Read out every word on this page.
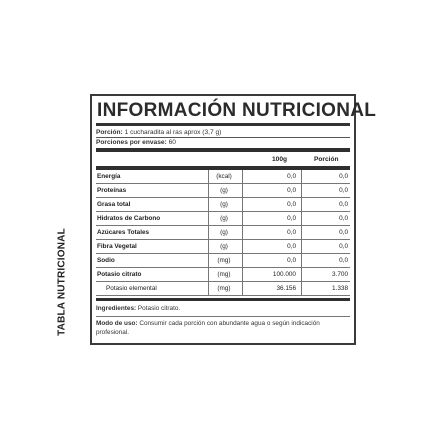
TABLA NUTRICIONAL
INFORMACIÓN NUTRICIONAL
Porción: 1 cucharadita al ras aprox (3,7 g)
Porciones por envase: 60
100g	Porción
Energía	(kcal)	0,0	0,0
Proteínas	(g)	0,0	0,0
Grasa total	(g)	0,0	0,0
Hidratos de Carbono	(g)	0,0	0,0
Azúcares Totales	(g)	0,0	0,0
Fibra Vegetal	(g)	0,0	0,0
Sodio	(mg)	0,0	0,0
Potasio citrato	(mg)	100.000	3.700
Potasio elemental	(mg)	36.156	1.338
Ingredientes: Potasio citrato.
Modo de uso: Consumir cada porción con abundante agua o según indicación profesional.
